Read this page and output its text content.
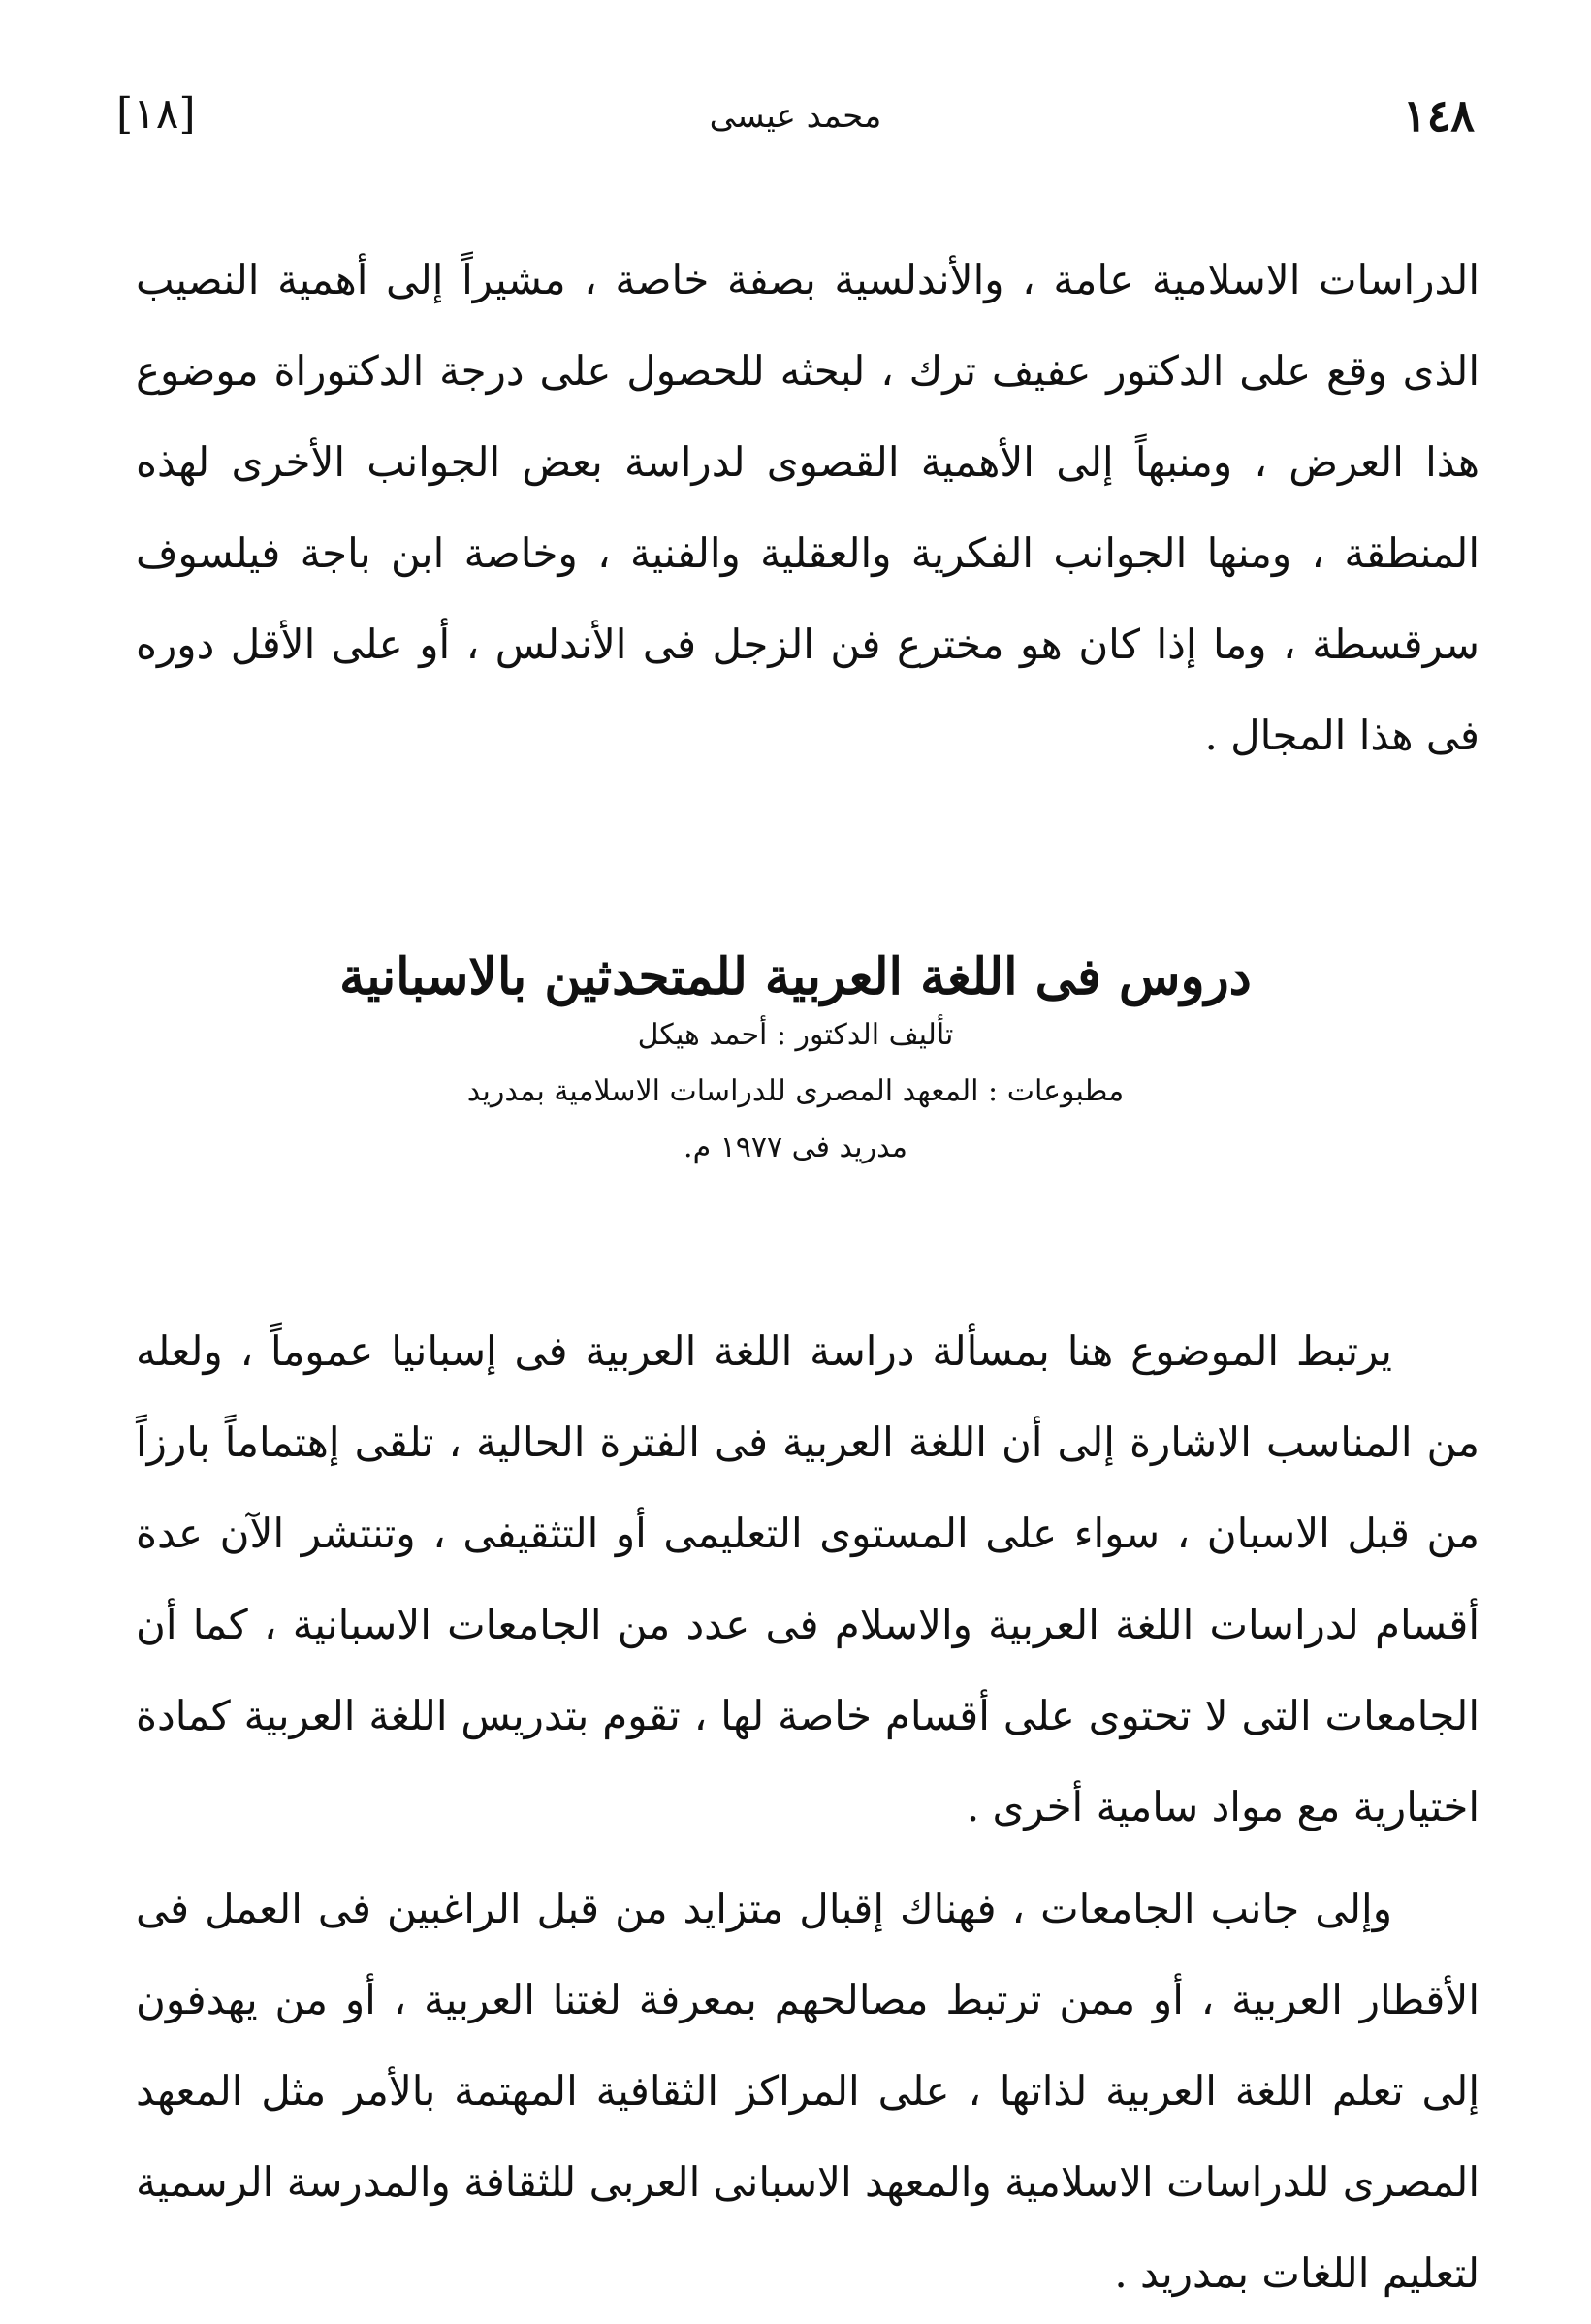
١٤٨
محمد عيسى
[١٨]

الدراسات الاسلامية عامة ، والأندلسية بصفة خاصة ، مشيراً إلى أهمية النصيب الذى وقع على الدكتور عفيف ترك ، لبحثه للحصول على درجة الدكتوراة موضوع هذا العرض ، ومنبهاً إلى الأهمية القصوى لدراسة بعض الجوانب الأخرى لهذه المنطقة ، ومنها الجوانب الفكرية والعقلية والفنية ، وخاصة ابن باجة فيلسوف سرقسطة ، وما إذا كان هو مخترع فن الزجل فى الأندلس ، أو على الأقل دوره فى هذا المجال .

دروس فى اللغة العربية للمتحدثين بالاسبانية
تأليف الدكتور : أحمد هيكل
مطبوعات : المعهد المصرى للدراسات الاسلامية بمدريد
مدريد فى ١٩٧٧ م.

يرتبط الموضوع هنا بمسألة دراسة اللغة العربية فى إسبانيا عموماً ، ولعله من المناسب الاشارة إلى أن اللغة العربية فى الفترة الحالية ، تلقى إهتماماً بارزاً من قبل الاسبان ، سواء على المستوى التعليمى أو التثقيفى ، وتنتشر الآن عدة أقسام لدراسات اللغة العربية والاسلام فى عدد من الجامعات الاسبانية ، كما أن الجامعات التى لا تحتوى على أقسام خاصة لها ، تقوم بتدريس اللغة العربية كمادة اختيارية مع مواد سامية أخرى .

وإلى جانب الجامعات ، فهناك إقبال متزايد من قبل الراغبين فى العمل فى الأقطار العربية ، أو ممن ترتبط مصالحهم بمعرفة لغتنا العربية ، أو من يهدفون إلى تعلم اللغة العربية لذاتها ، على المراكز الثقافية المهتمة بالأمر مثل المعهد المصرى للدراسات الاسلامية والمعهد الاسبانى العربى للثقافة والمدرسة الرسمية لتعليم اللغات بمدريد .
